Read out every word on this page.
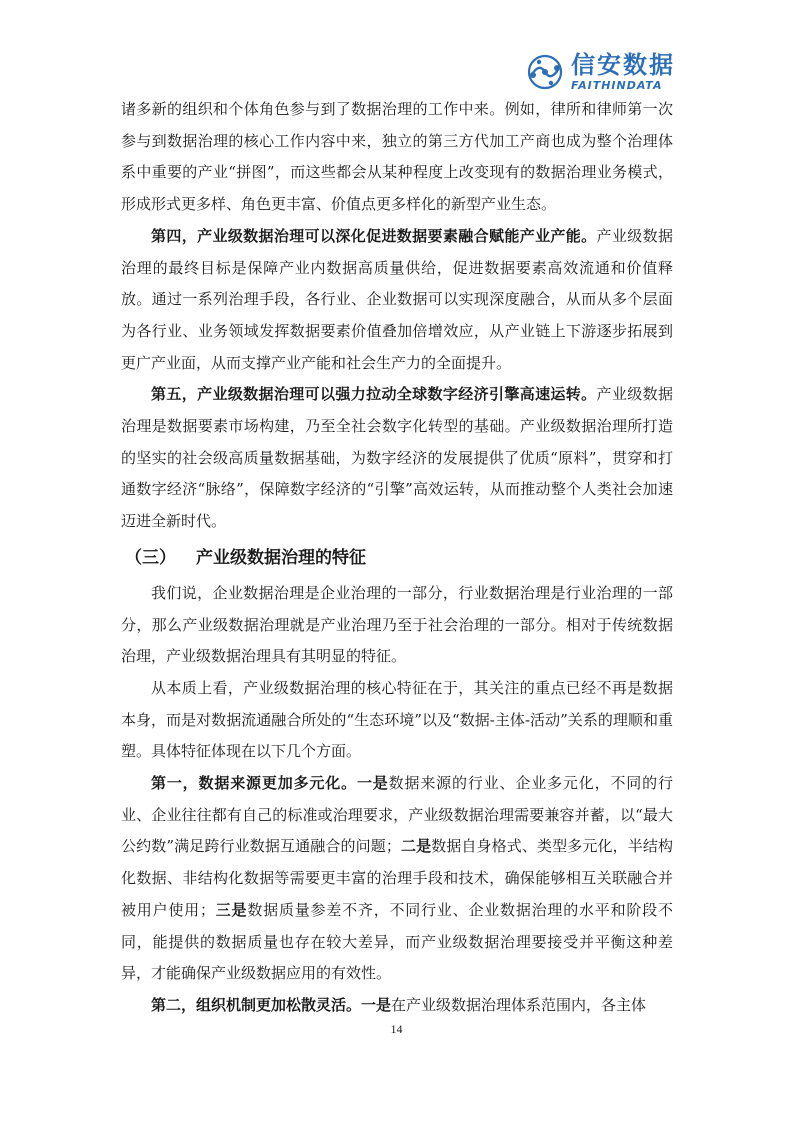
信安数据
FAITHINDATA

诸多新的组织和个体角色参与到了数据治理的工作中来。例如，律所和律师第一次参与到数据治理的核心工作内容中来，独立的第三方代加工产商也成为整个治理体系中重要的产业“拼图”，而这些都会从某种程度上改变现有的数据治理业务模式，形成形式更多样、角色更丰富、价值点更多样化的新型产业生态。

第四，产业级数据治理可以深化促进数据要素融合赋能产业产能。产业级数据治理的最终目标是保障产业内数据高质量供给，促进数据要素高效流通和价值释放。通过一系列治理手段，各行业、企业数据可以实现深度融合，从而从多个层面为各行业、业务领域发挥数据要素价值叠加倍增效应，从产业链上下游逐步拓展到更广产业面，从而支撑产业产能和社会生产力的全面提升。

第五，产业级数据治理可以强力拉动全球数字经济引擎高速运转。产业级数据治理是数据要素市场构建，乃至全社会数字化转型的基础。产业级数据治理所打造的坚实的社会级高质量数据基础，为数字经济的发展提供了优质“原料”，贯穿和打通数字经济“脉络”，保障数字经济的“引擎”高效运转，从而推动整个人类社会加速迈进全新时代。

（三） 产业级数据治理的特征

我们说，企业数据治理是企业治理的一部分，行业数据治理是行业治理的一部分，那么产业级数据治理就是产业治理乃至于社会治理的一部分。相对于传统数据治理，产业级数据治理具有其明显的特征。

从本质上看，产业级数据治理的核心特征在于，其关注的重点已经不再是数据本身，而是对数据流通融合所处的“生态环境”以及“数据-主体-活动”关系的理顺和重塑。具体特征体现在以下几个方面。

第一，数据来源更加多元化。一是数据来源的行业、企业多元化，不同的行业、企业往往都有自己的标准或治理要求，产业级数据治理需要兼容并蓄，以“最大公约数”满足跨行业数据互通融合的问题；二是数据自身格式、类型多元化，半结构化数据、非结构化数据等需要更丰富的治理手段和技术，确保能够相互关联融合并被用户使用；三是数据质量参差不齐，不同行业、企业数据治理的水平和阶段不同，能提供的数据质量也存在较大差异，而产业级数据治理要接受并平衡这种差异，才能确保产业级数据应用的有效性。

第二，组织机制更加松散灵活。一是在产业级数据治理体系范围内，各主体

14
